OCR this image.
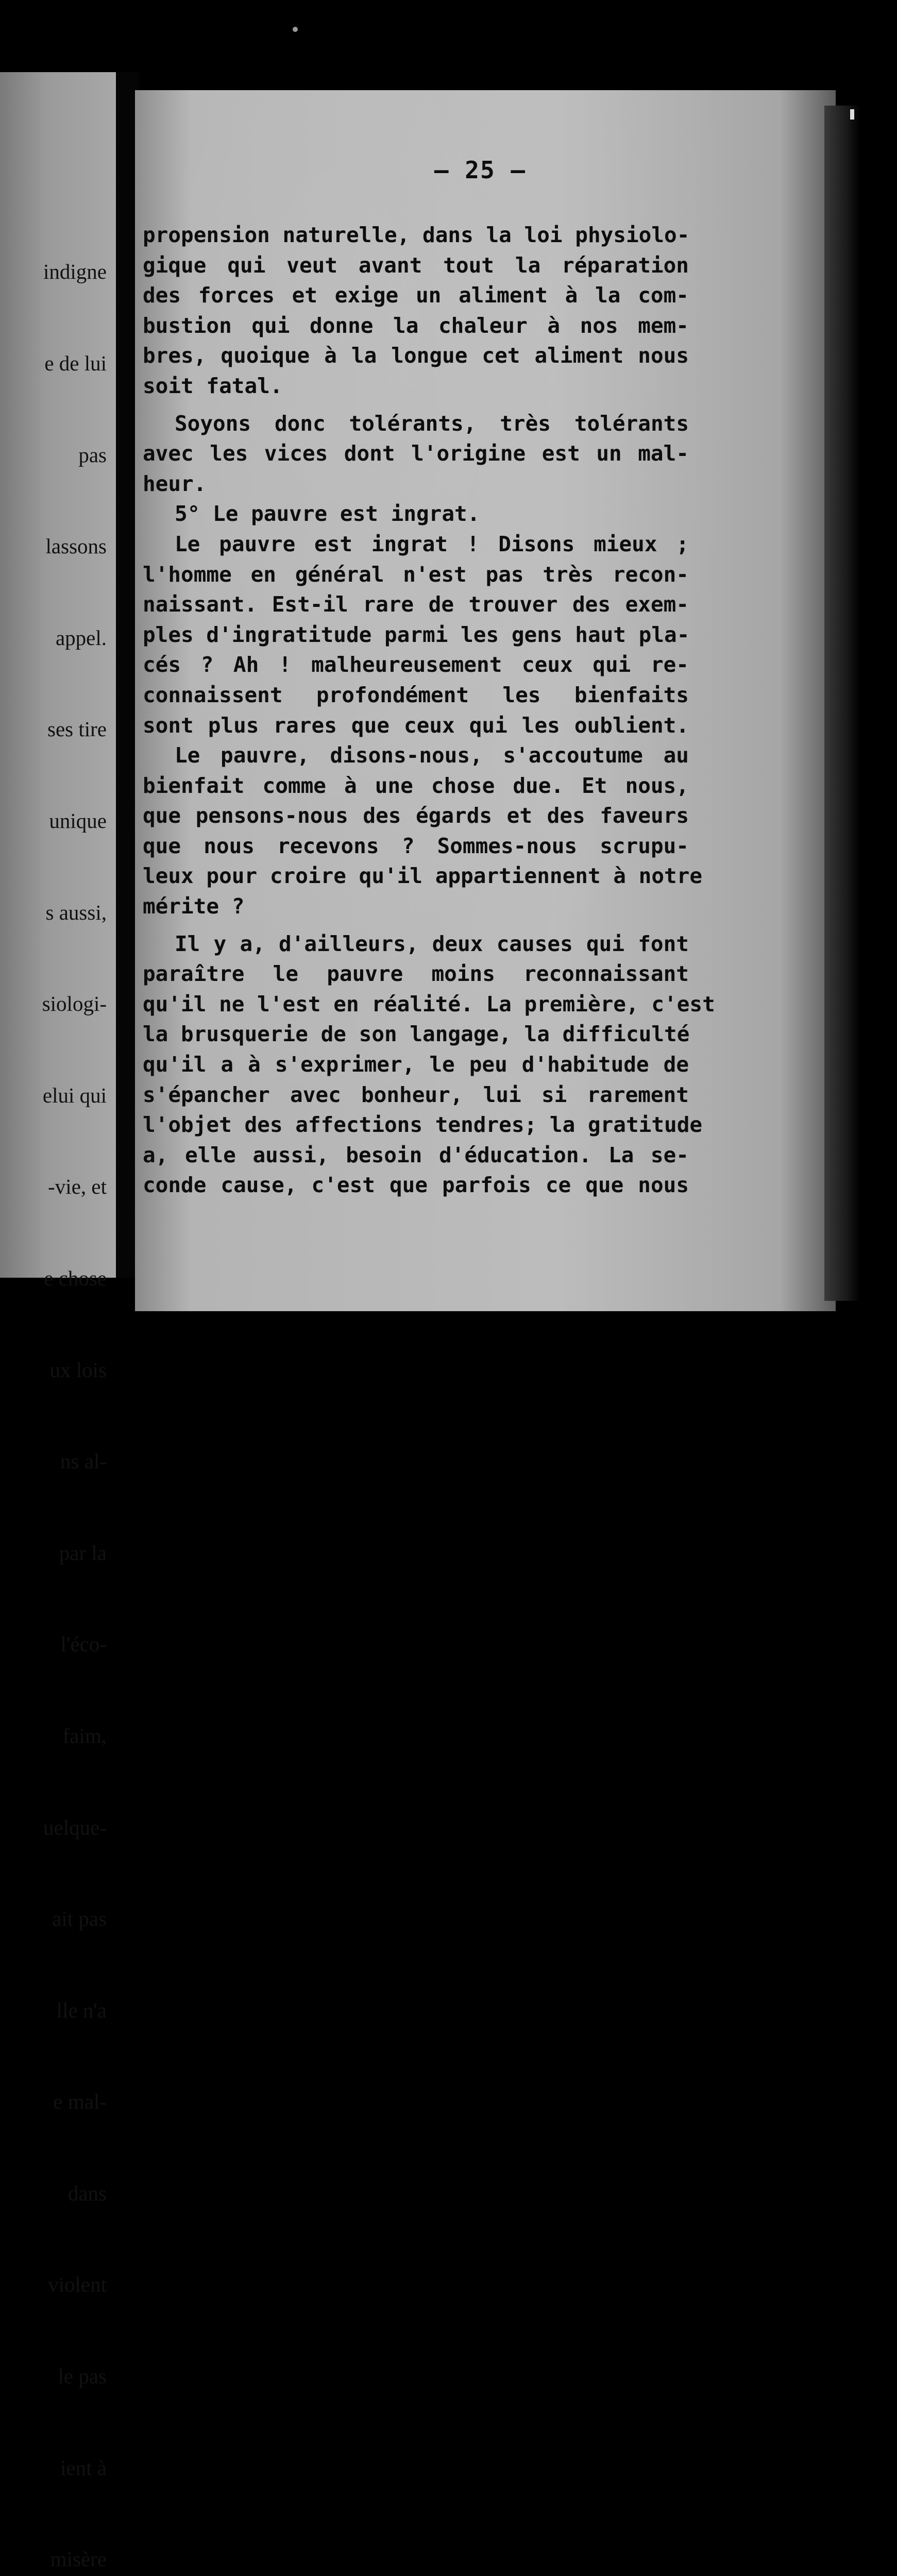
indigne

e de lui

pas

lassons

appel.

ses tire

unique

s aussi,

siologi-

elui qui

-vie, et

e chose

ux lois

ns al-

par la

l'éco-

faim,

uelque-

ait pas

lle n'a

e mal-

dans

violent

le pas

ient à

misère

— 25 —
propension naturelle, dans la loi physiolo-
gique qui veut avant tout la réparation
des forces et exige un aliment à la com-
bustion qui donne la chaleur à nos mem-
bres, quoique à la longue cet aliment nous
soit fatal.
Soyons donc tolérants, très tolérants
avec les vices dont l'origine est un mal-
heur.
5° Le pauvre est ingrat.
Le pauvre est ingrat ! Disons mieux ;
l'homme en général n'est pas très recon-
naissant. Est-il rare de trouver des exem-
ples d'ingratitude parmi les gens haut pla-
cés ? Ah ! malheureusement ceux qui re-
connaissent profondément les bienfaits
sont plus rares que ceux qui les oublient.
Le pauvre, disons-nous, s'accoutume au
bienfait comme à une chose due. Et nous,
que pensons-nous des égards et des faveurs
que nous recevons ? Sommes-nous scrupu-
leux pour croire qu'il appartiennent à notre
mérite ?
Il y a, d'ailleurs, deux causes qui font
paraître le pauvre moins reconnaissant
qu'il ne l'est en réalité. La première, c'est
la brusquerie de son langage, la difficulté
qu'il a à s'exprimer, le peu d'habitude de
s'épancher avec bonheur, lui si rarement
l'objet des affections tendres; la gratitude
a, elle aussi, besoin d'éducation. La se-
conde cause, c'est que parfois ce que nous
